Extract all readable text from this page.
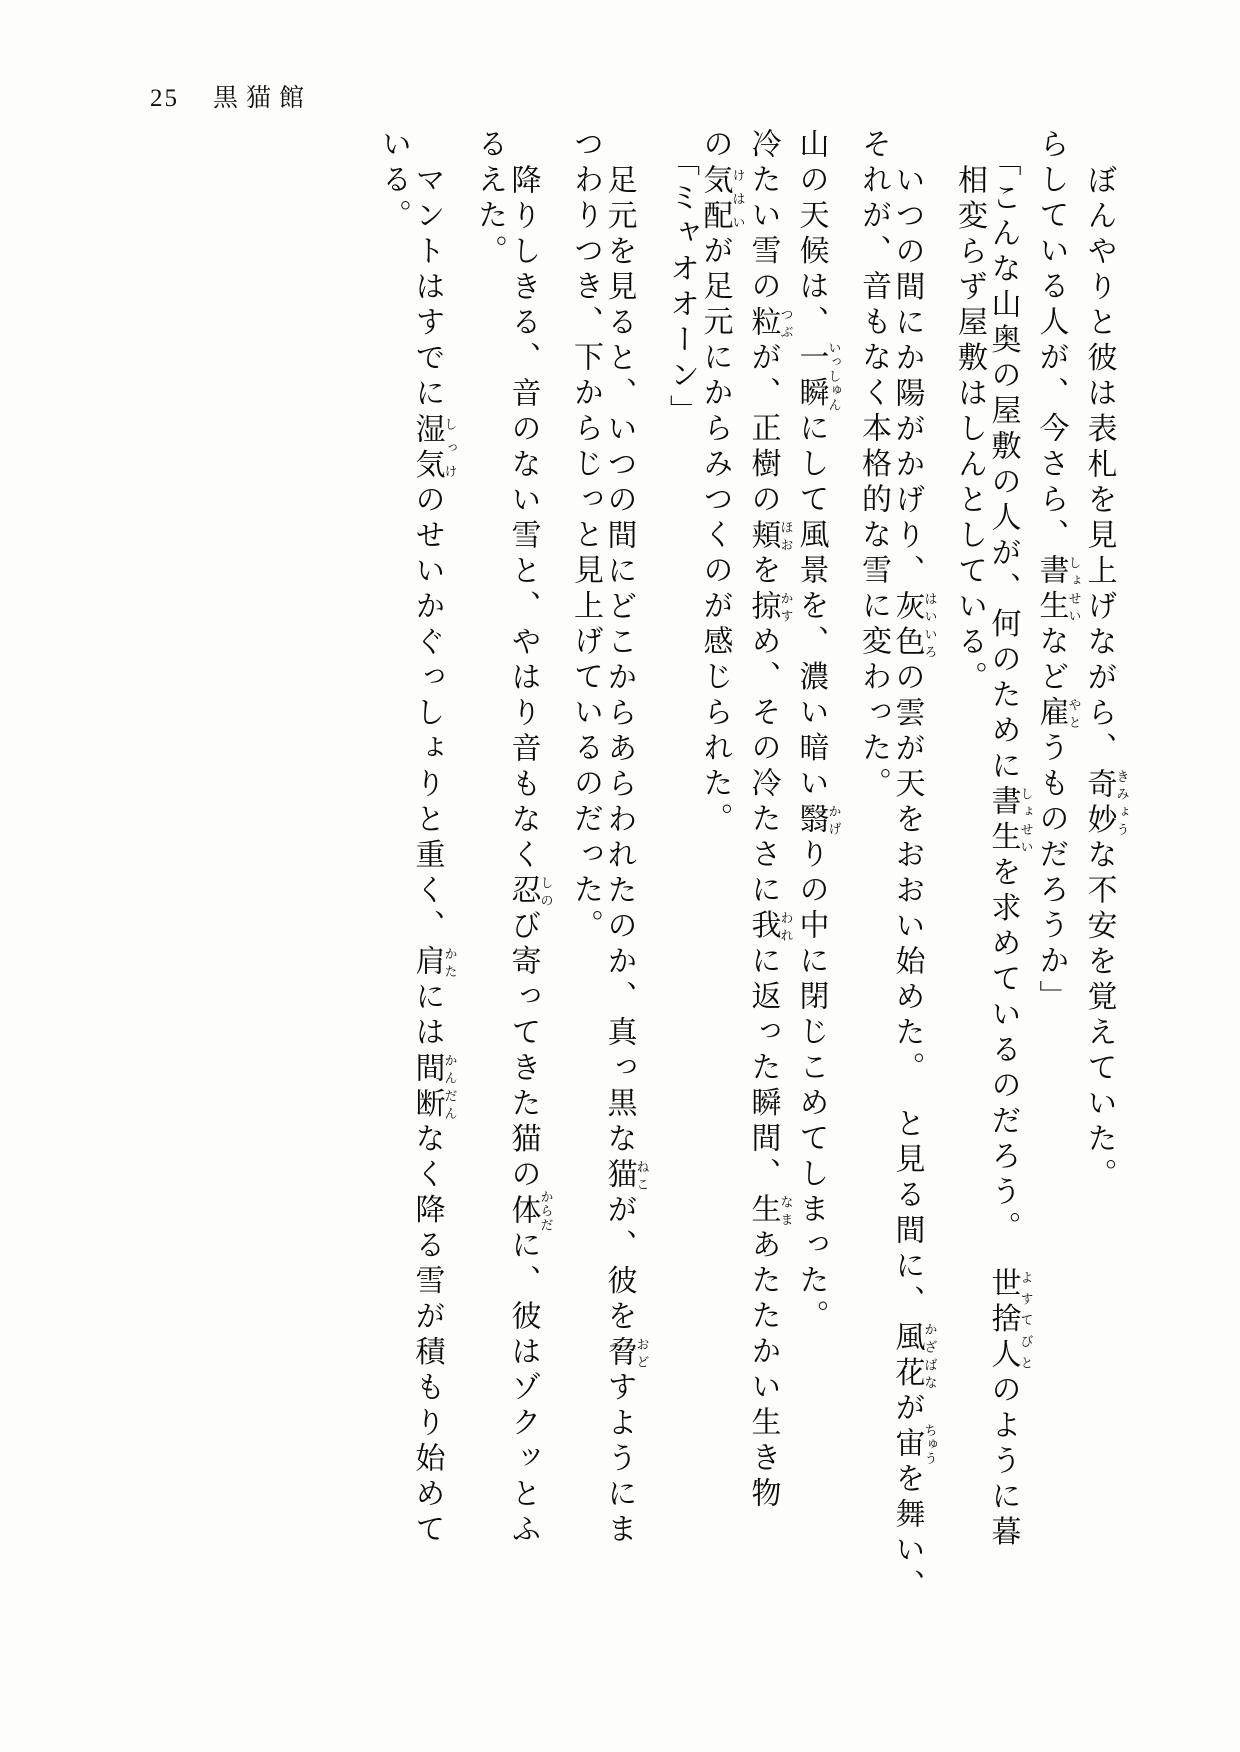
25 黒猫館
ぼんやりと彼は表札を見上げながら、奇妙きみょうな不安を覚えていた。
らしている人が、今さら、書生しょせいなど雇やとうものだろうか」
「こんな山奥の屋敷の人が、何のために書生しょせいを求めているのだろう。　世捨人よすてびとのように暮
相変らず屋敷はしんとしている。
いつの間にか陽がかげり、灰色はいいろの雲が天をおおい始めた。　と見る間に、風花かざばなが宙ちゅうを舞い、
それが、音もなく本格的な雪に変わった。
山の天候は、一瞬いっしゅんにして風景を、濃い暗い翳かげりの中に閉じこめてしまった。
冷たい雪の粒つぶが、正樹の頬ほおを掠かすめ、その冷たさに我われに返った瞬間、生なまあたたかい生き物
の気配けはいが足元にからみつくのが感じられた。
「ミャオオーン」
足元を見ると、いつの間にどこからあらわれたのか、真っ黒な猫ねこが、彼を脅おどすようにま
つわりつき、下からじっと見上げているのだった。
降りしきる、音のない雪と、やはり音もなく忍しのび寄ってきた猫の体からだに、彼はゾクッとふ
るえた。
マントはすでに湿気しっけのせいかぐっしょりと重く、肩かたには間断かんだんなく降る雪が積もり始めて
いる。
